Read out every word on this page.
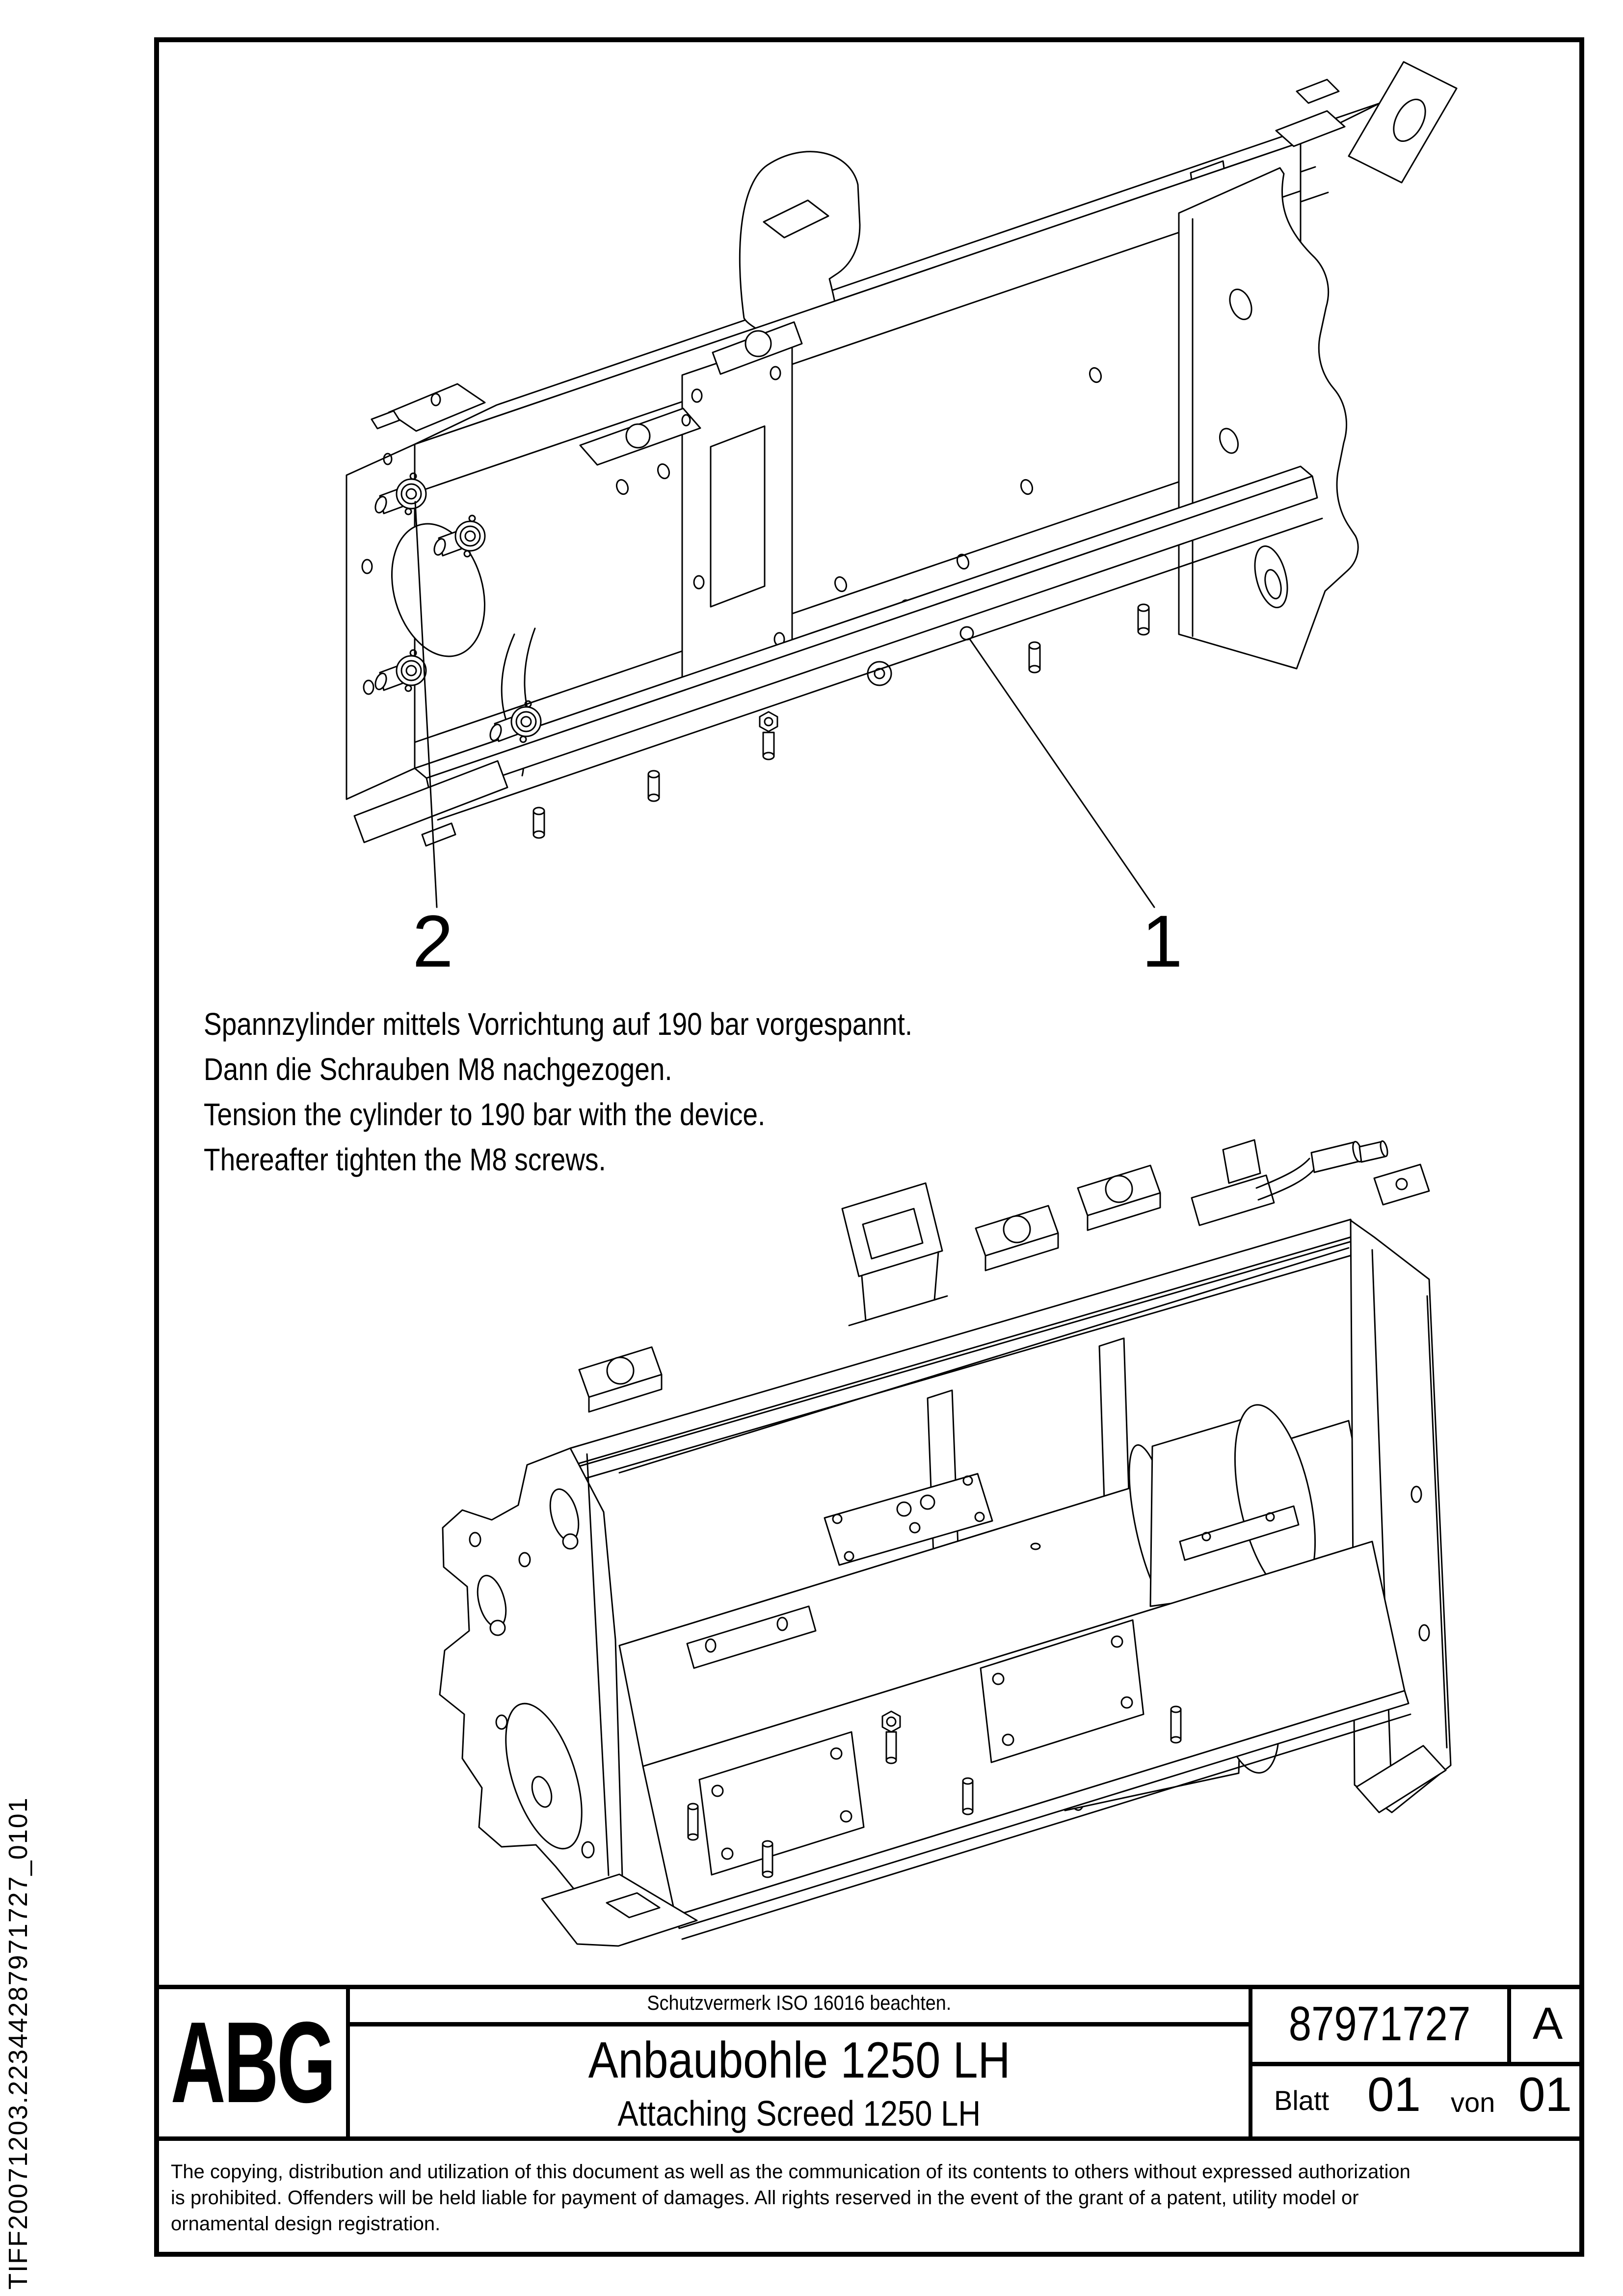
TIFF20071203.22344287971727_0101
2	1
Spannzylinder mittels Vorrichtung auf 190 bar vorgespannt.
Dann die Schrauben M8 nachgezogen.
Tension the cylinder to 190 bar with the device.
Thereafter tighten the M8 screws.
ABG	Schutzvermerk ISO 16016 beachten.
Anbaubohle 1250 LH
Attaching Screed 1250 LH
87971727	A
Blatt 01 von 01
The copying, distribution and utilization of this document as well as the communication of its contents to others without expressed authorization
is prohibited. Offenders will be held liable for payment of damages. All rights reserved in the event of the grant of a patent, utility model or
ornamental design registration.
